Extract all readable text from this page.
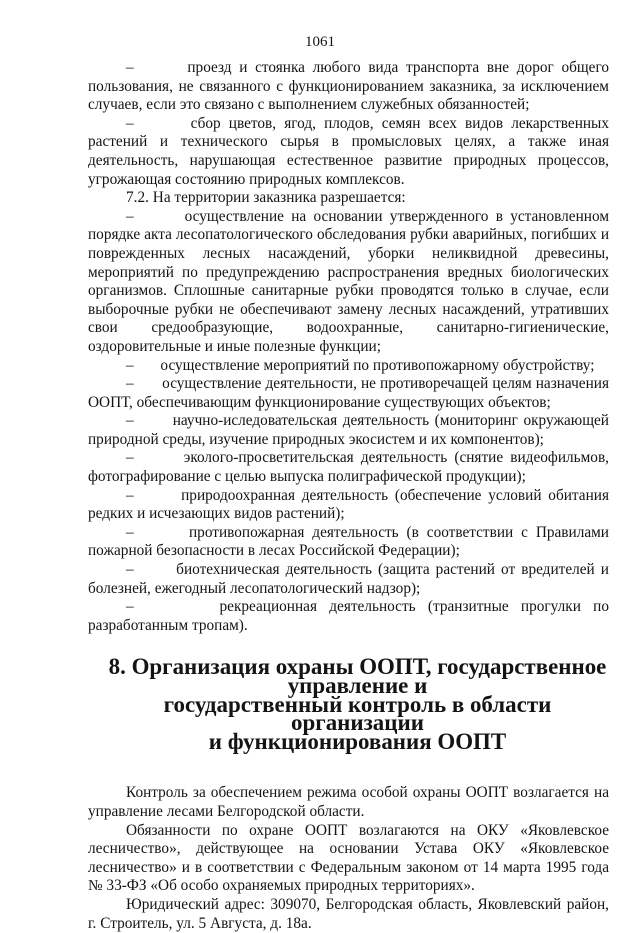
1061

–       проезд и стоянка любого вида транспорта вне дорог общего пользования, не связанного с функционированием заказника, за исключением случаев, если это связано с выполнением служебных обязанностей;

–       сбор цветов, ягод, плодов, семян всех видов лекарственных растений и технического сырья в промысловых целях, а также иная деятельность, нарушающая естественное развитие природных процессов, угрожающая состоянию природных комплексов.

7.2. На территории заказника разрешается:

–       осуществление на основании утвержденного в установленном порядке акта лесопатологического обследования рубки аварийных, погибших и поврежденных лесных насаждений, уборки неликвидной древесины, мероприятий по предупреждению распространения вредных биологических организмов. Сплошные санитарные рубки проводятся только в случае, если выборочные рубки не обеспечивают замену лесных насаждений, утративших свои средообразующие, водоохранные, санитарно-гигиенические, оздоровительные и иные полезные функции;

–       осуществление мероприятий по противопожарному обустройству;

–       осуществление деятельности, не противоречащей целям назначения ООПТ, обеспечивающим функционирование существующих объектов;

–       научно-иследовательская деятельность (мониторинг окружающей природной среды, изучение природных экосистем и их компонентов);

–       эколого-просветительская деятельность (снятие видеофильмов, фотографирование с целью выпуска полиграфической продукции);

–       природоохранная деятельность (обеспечение условий обитания редких и исчезающих видов растений);

–       противопожарная деятельность (в соответствии с Правилами пожарной безопасности в лесах Российской Федерации);

–       биотехническая деятельность (защита растений от вредителей и болезней, ежегодный лесопатологический надзор);

–       рекреационная деятельность (транзитные прогулки по разработанным тропам).

8. Организация охраны ООПТ, государственное управление и
государственный контроль в области организации
и функционирования ООПТ

Контроль за обеспечением режима особой охраны ООПТ возлагается на управление лесами Белгородской области.

Обязанности по охране ООПТ возлагаются на ОКУ «Яковлевское лесничество», действующее на основании Устава ОКУ «Яковлевское лесничество» и в соответствии с Федеральным законом от 14 марта 1995 года № 33-ФЗ «Об особо охраняемых природных территориях».

Юридический адрес: 309070, Белгородская область, Яковлевский район, г. Строитель, ул. 5 Августа, д. 18а.
